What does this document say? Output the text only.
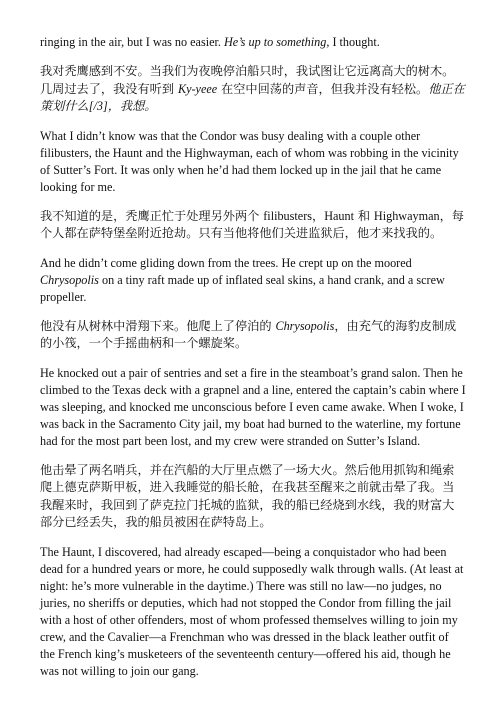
ringing in the air, but I was no easier. He’s up to something, I thought.

我对秃鹰感到不安。当我们为夜晚停泊船只时，我试图让它远离高大的树木。几周过去了，我没有听到 Ky-yeee 在空中回荡的声音，但我并没有轻松。他正在策划什么[/3]，我想。

What I didn’t know was that the Condor was busy dealing with a couple other filibusters, the Haunt and the Highwayman, each of whom was robbing in the vicinity of Sutter’s Fort. It was only when he’d had them locked up in the jail that he came looking for me.

我不知道的是，秃鹰正忙于处理另外两个 filibusters，Haunt 和 Highwayman，每个人都在萨特堡垒附近抢劫。只有当他将他们关进监狱后，他才来找我的。

And he didn’t come gliding down from the trees. He crept up on the moored Chrysopolis on a tiny raft made up of inflated seal skins, a hand crank, and a screw propeller.

他没有从树林中滑翔下来。他爬上了停泊的 Chrysopolis，由充气的海豹皮制成的小筏，一个手摇曲柄和一个螺旋桨。

He knocked out a pair of sentries and set a fire in the steamboat’s grand salon. Then he climbed to the Texas deck with a grapnel and a line, entered the captain’s cabin where I was sleeping, and knocked me unconscious before I even came awake. When I woke, I was back in the Sacramento City jail, my boat had burned to the waterline, my fortune had for the most part been lost, and my crew were stranded on Sutter’s Island.

他击晕了两名哨兵，并在汽船的大厅里点燃了一场大火。然后他用抓钩和绳索爬上德克萨斯甲板，进入我睡觉的船长舱，在我甚至醒来之前就击晕了我。当我醒来时，我回到了萨克拉门托城的监狱，我的船已经烧到水线，我的财富大部分已经丢失，我的船员被困在萨特岛上。

The Haunt, I discovered, had already escaped—being a conquistador who had been dead for a hundred years or more, he could supposedly walk through walls. (At least at night: he’s more vulnerable in the daytime.) There was still no law—no judges, no juries, no sheriffs or deputies, which had not stopped the Condor from filling the jail with a host of other offenders, most of whom professed themselves willing to join my crew, and the Cavalier—a Frenchman who was dressed in the black leather outfit of the French king’s musketeers of the seventeenth century—offered his aid, though he was not willing to join our gang.
